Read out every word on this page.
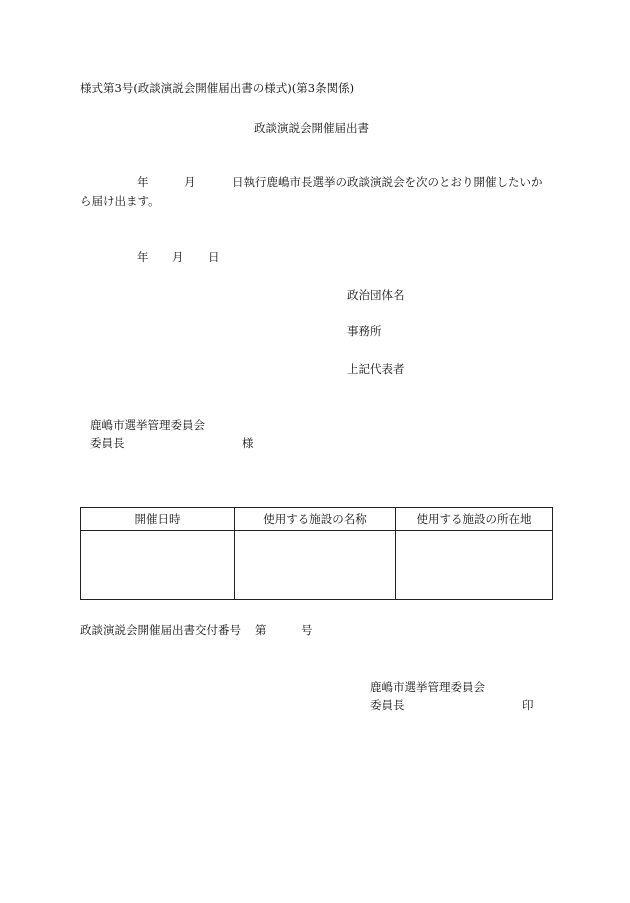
様式第3号(政談演説会開催届出書の様式)(第3条関係)
政談演説会開催届出書
年	月	日執行鹿嶋市長選挙の政談演説会を次のとおり開催したいか
ら届け出ます。
年 月 日
政治団体名
事務所
上記代表者
鹿嶋市選挙管理委員会
委員長	様
開催日時	使用する施設の名称	使用する施設の所在地

政談演説会開催届出書交付番号 第	号
鹿嶋市選挙管理委員会
委員長	印
